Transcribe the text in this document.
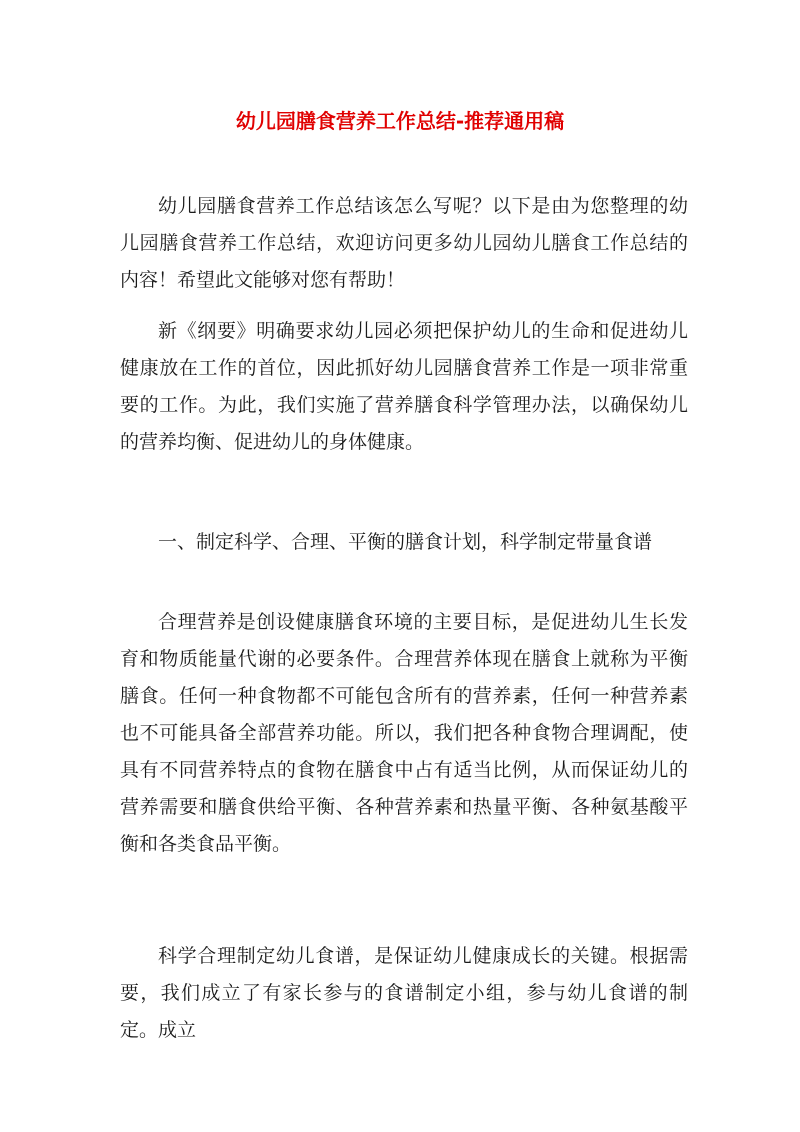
幼儿园膳食营养工作总结-推荐通用稿

幼儿园膳食营养工作总结该怎么写呢？以下是由为您整理的幼儿园膳食营养工作总结，欢迎访问更多幼儿园幼儿膳食工作总结的内容！希望此文能够对您有帮助！

新《纲要》明确要求幼儿园必须把保护幼儿的生命和促进幼儿健康放在工作的首位，因此抓好幼儿园膳食营养工作是一项非常重要的工作。为此，我们实施了营养膳食科学管理办法，以确保幼儿的营养均衡、促进幼儿的身体健康。

一、制定科学、合理、平衡的膳食计划，科学制定带量食谱

合理营养是创设健康膳食环境的主要目标，是促进幼儿生长发育和物质能量代谢的必要条件。合理营养体现在膳食上就称为平衡膳食。任何一种食物都不可能包含所有的营养素，任何一种营养素也不可能具备全部营养功能。所以，我们把各种食物合理调配，使具有不同营养特点的食物在膳食中占有适当比例，从而保证幼儿的营养需要和膳食供给平衡、各种营养素和热量平衡、各种氨基酸平衡和各类食品平衡。

科学合理制定幼儿食谱，是保证幼儿健康成长的关键。根据需要，我们成立了有家长参与的食谱制定小组，参与幼儿食谱的制定。成立
